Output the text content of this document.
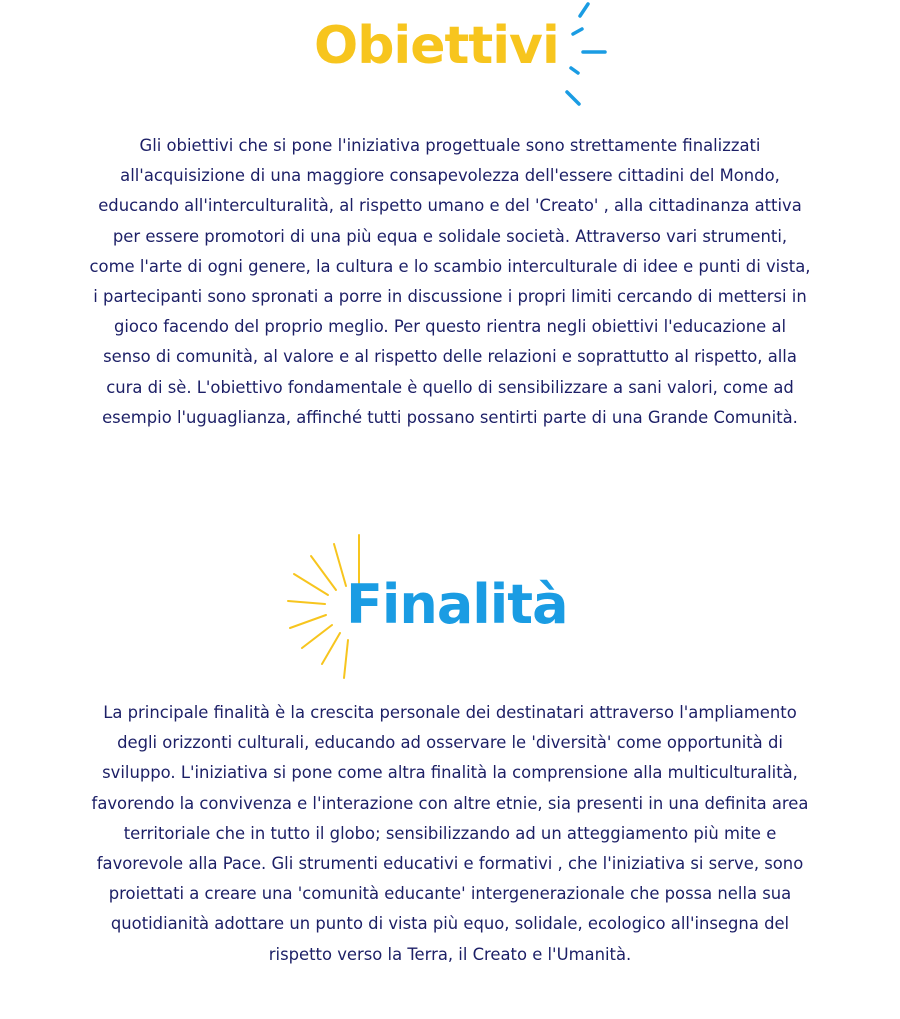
Obiettivi

Gli obiettivi che si pone l'iniziativa progettuale sono strettamente finalizzati
all'acquisizione di una maggiore consapevolezza dell'essere cittadini del Mondo,
educando all'interculturalità, al rispetto umano e del 'Creato' , alla cittadinanza attiva
per essere promotori di una più equa e solidale società. Attraverso vari strumenti,
come l'arte di ogni genere, la cultura e lo scambio interculturale di idee e punti di vista,
i partecipanti sono spronati a porre in discussione i propri limiti cercando di mettersi in
gioco facendo del proprio meglio. Per questo rientra negli obiettivi l'educazione al
senso di comunità, al valore e al rispetto delle relazioni e soprattutto al rispetto, alla
cura di sè. L'obiettivo fondamentale è quello di sensibilizzare a sani valori, come ad
esempio l'uguaglianza, affinché tutti possano sentirti parte di una Grande Comunità.

Finalità

La principale finalità è la crescita personale dei destinatari attraverso l'ampliamento
degli orizzonti culturali, educando ad osservare le 'diversità' come opportunità di
sviluppo. L'iniziativa si pone come altra finalità la comprensione alla multiculturalità,
favorendo la convivenza e l'interazione con altre etnie, sia presenti in una definita area
territoriale che in tutto il globo; sensibilizzando ad un atteggiamento più mite e
favorevole alla Pace. Gli strumenti educativi e formativi , che l'iniziativa si serve, sono
proiettati a creare una 'comunità educante' intergenerazionale che possa nella sua
quotidianità adottare un punto di vista più equo, solidale, ecologico all'insegna del
rispetto verso la Terra, il Creato e l'Umanità.
